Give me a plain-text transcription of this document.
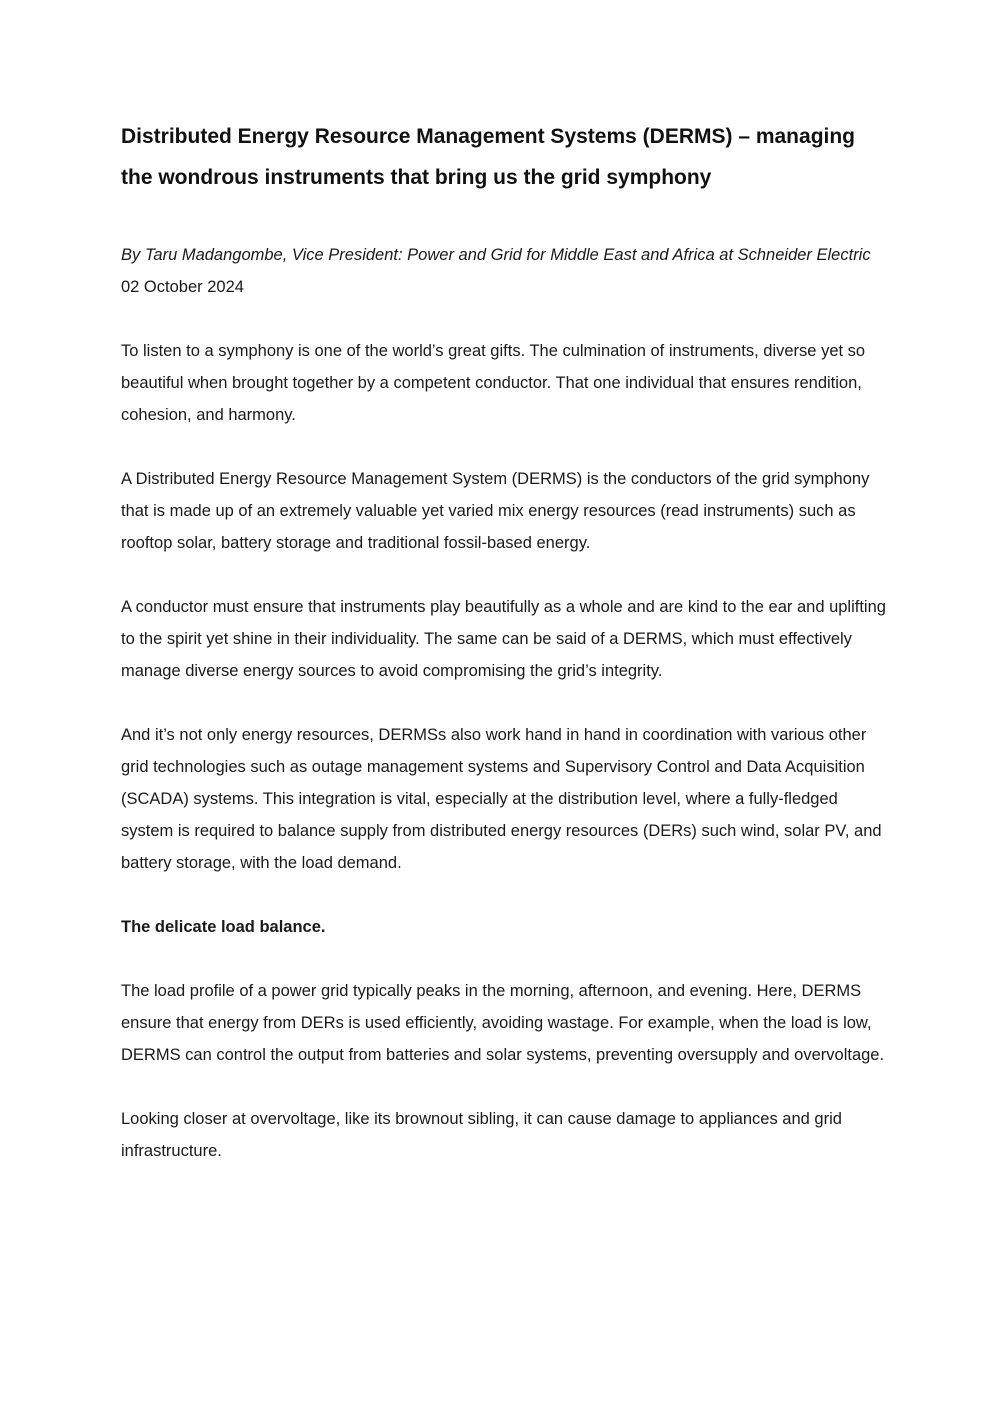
Distributed Energy Resource Management Systems (DERMS) – managing the wondrous instruments that bring us the grid symphony

By Taru Madangombe, Vice President: Power and Grid for Middle East and Africa at Schneider Electric

02 October 2024

To listen to a symphony is one of the world’s great gifts. The culmination of instruments, diverse yet so beautiful when brought together by a competent conductor. That one individual that ensures rendition, cohesion, and harmony.

A Distributed Energy Resource Management System (DERMS) is the conductors of the grid symphony that is made up of an extremely valuable yet varied mix energy resources (read instruments) such as rooftop solar, battery storage and traditional fossil-based energy.

A conductor must ensure that instruments play beautifully as a whole and are kind to the ear and uplifting to the spirit yet shine in their individuality. The same can be said of a DERMS, which must effectively manage diverse energy sources to avoid compromising the grid’s integrity.

And it’s not only energy resources, DERMSs also work hand in hand in coordination with various other grid technologies such as outage management systems and Supervisory Control and Data Acquisition (SCADA) systems. This integration is vital, especially at the distribution level, where a fully-fledged system is required to balance supply from distributed energy resources (DERs) such wind, solar PV, and battery storage, with the load demand.

The delicate load balance.

The load profile of a power grid typically peaks in the morning, afternoon, and evening. Here, DERMS ensure that energy from DERs is used efficiently, avoiding wastage. For example, when the load is low, DERMS can control the output from batteries and solar systems, preventing oversupply and overvoltage.

Looking closer at overvoltage, like its brownout sibling, it can cause damage to appliances and grid infrastructure.
